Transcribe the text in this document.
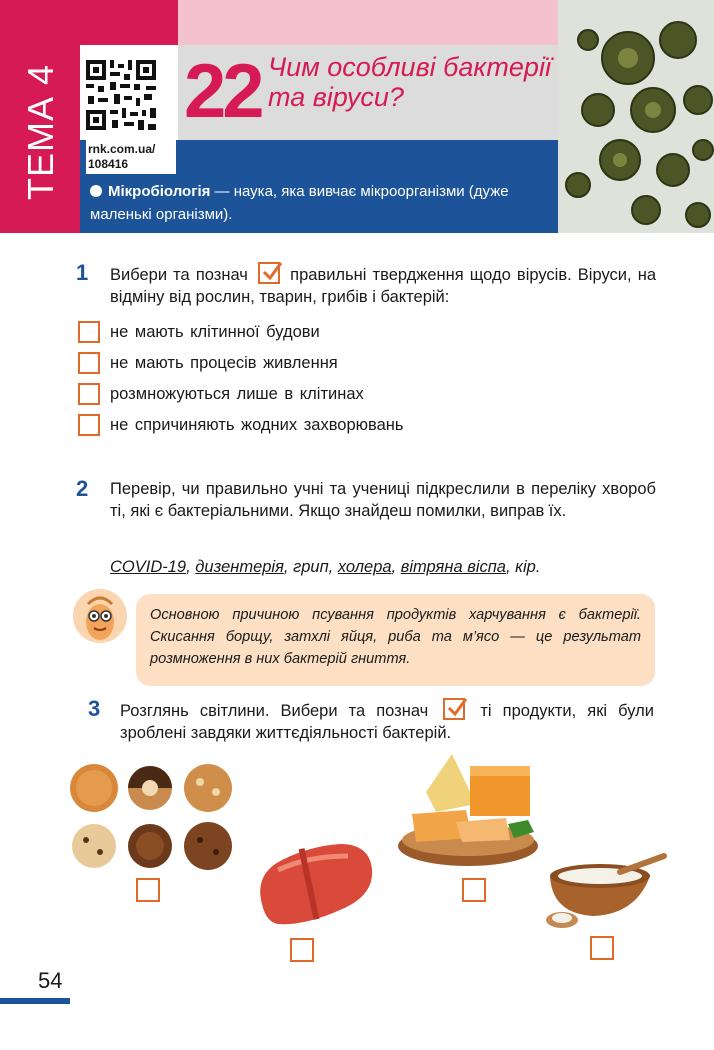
ТЕМА 4 rnk.com.ua/
108416
22 Чим особливі бактерії та віруси?
Мікробіологія — наука, яка вивчає мікроорганізми (дуже маленькі організми).
1 Вибери та познач	правильні твердження щодо вірусів. Віруси, на відміну від рослин, тварин, грибів і бактерій:
не мають клітинної будови
не мають процесів живлення
розмножуються лише в клітинах
не спричиняють жодних захворювань
2 Перевір, чи правильно учні та учениці підкреслили в переліку хвороб ті, які є бактеріальними. Якщо знайдеш помилки, виправ їх.
COVID-19, дизентерія, грип, холера, вітряна віспа, кір.
Основною причиною псування продуктів харчування є бактерії. Скисання борщу, затхлі яйця, риба та м’ясо — це результат розмноження в них бактерій гниття.
3 Розглянь світлини. Вибери та познач	ті продукти, які були зроблені завдяки життєдіяльності бактерій.
54
